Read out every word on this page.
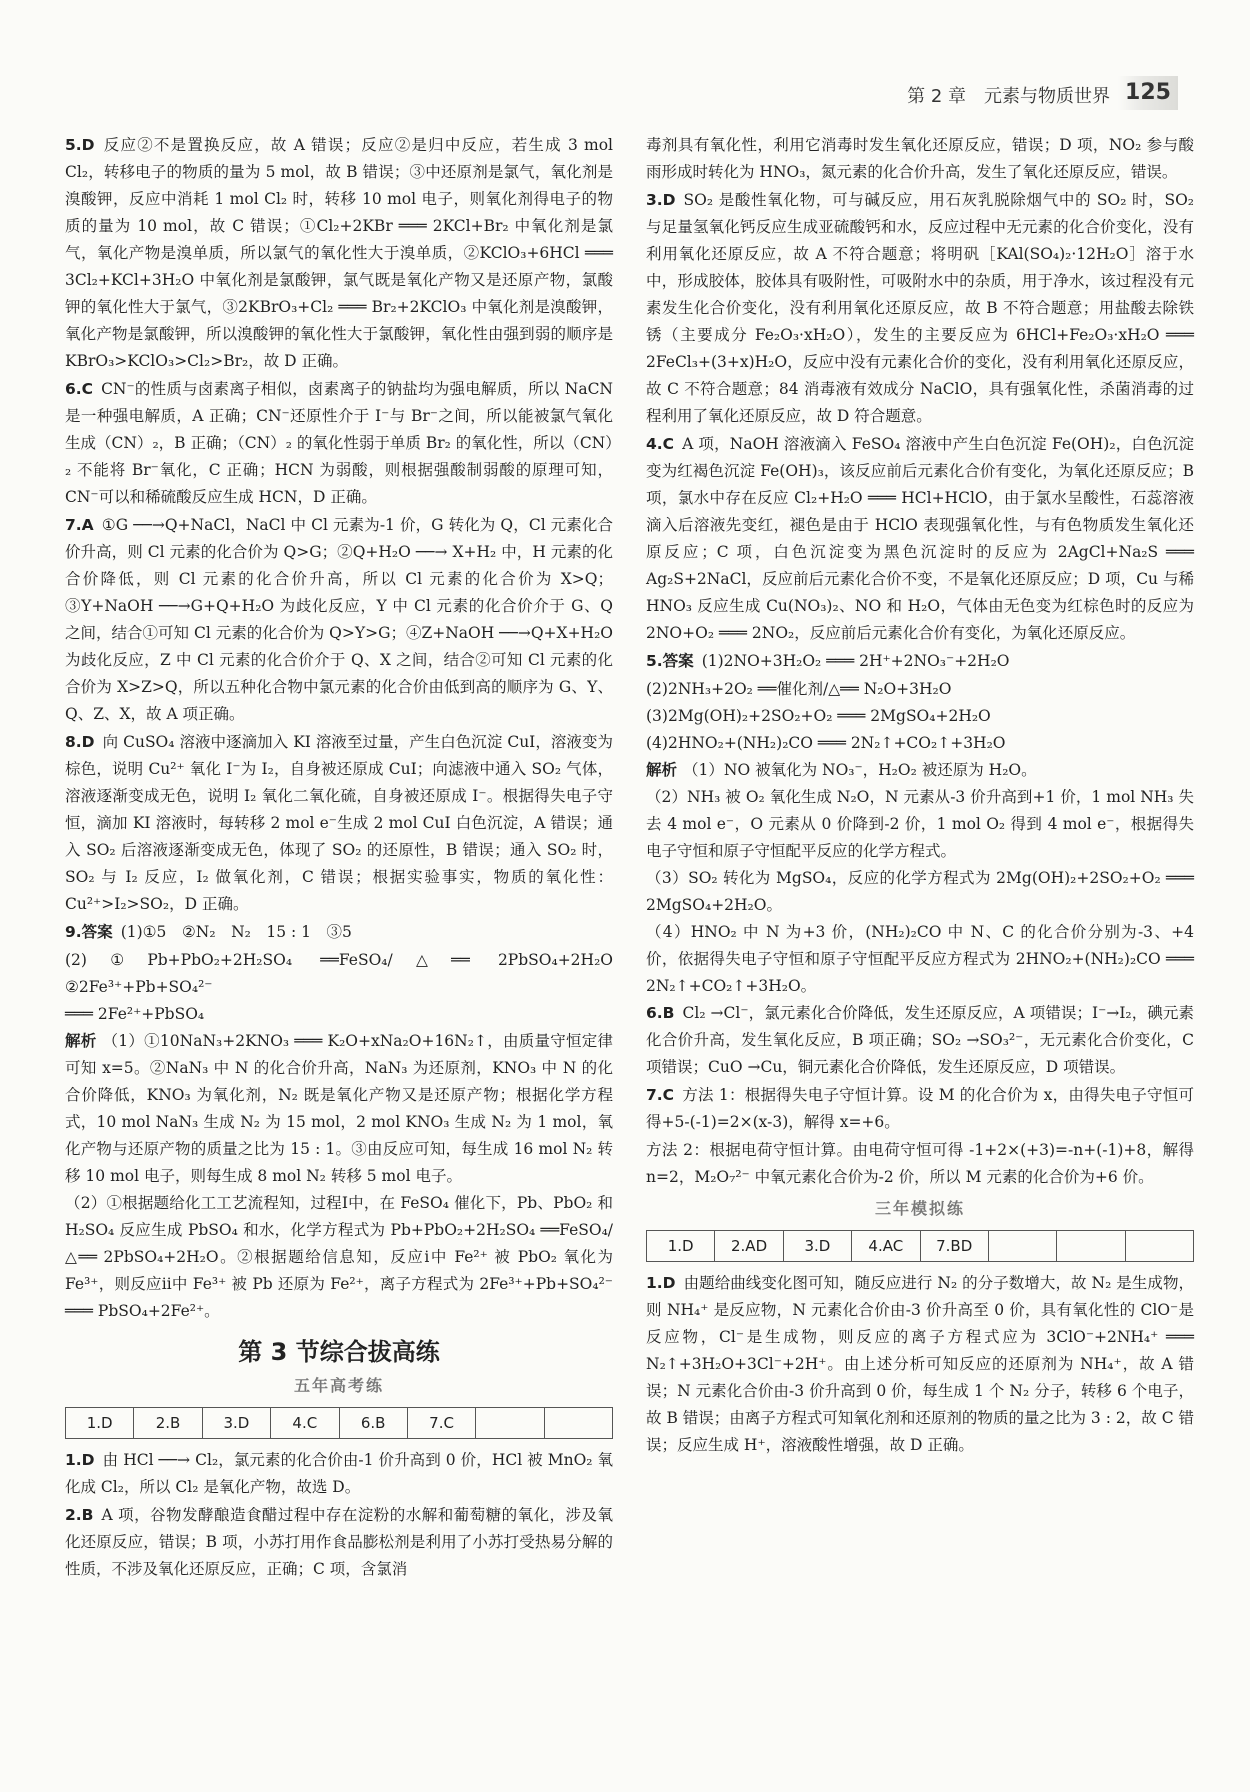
第 2 章　元素与物质世界 125

5.D 反应②不是置换反应，故 A 错误；反应②是归中反应，若生成 3 mol Cl₂，转移电子的物质的量为 5 mol，故 B 错误；③中还原剂是氯气，氧化剂是溴酸钾，反应中消耗 1 mol Cl₂ 时，转移 10 mol 电子，则氧化剂得电子的物质的量为 10 mol，故 C 错误；①Cl₂+2KBr ═══ 2KCl+Br₂ 中氧化剂是氯气，氧化产物是溴单质，所以氯气的氧化性大于溴单质，②KClO₃+6HCl ═══ 3Cl₂+KCl+3H₂O 中氧化剂是氯酸钾，氯气既是氧化产物又是还原产物，氯酸钾的氧化性大于氯气，③2KBrO₃+Cl₂ ═══ Br₂+2KClO₃ 中氧化剂是溴酸钾，氧化产物是氯酸钾，所以溴酸钾的氧化性大于氯酸钾，氧化性由强到弱的顺序是 KBrO₃>KClO₃>Cl₂>Br₂，故 D 正确。

6.C CN⁻的性质与卤素离子相似，卤素离子的钠盐均为强电解质，所以 NaCN 是一种强电解质，A 正确；CN⁻还原性介于 I⁻与 Br⁻之间，所以能被氯气氧化生成（CN）₂，B 正确；（CN）₂ 的氧化性弱于单质 Br₂ 的氧化性，所以（CN）₂ 不能将 Br⁻氧化，C 正确；HCN 为弱酸，则根据强酸制弱酸的原理可知，CN⁻可以和稀硫酸反应生成 HCN，D 正确。

7.A ①G ──→Q+NaCl，NaCl 中 Cl 元素为-1 价，G 转化为 Q，Cl 元素化合价升高，则 Cl 元素的化合价为 Q>G；②Q+H₂O ──→ X+H₂ 中，H 元素的化合价降低，则 Cl 元素的化合价升高，所以 Cl 元素的化合价为 X>Q；③Y+NaOH ──→G+Q+H₂O 为歧化反应，Y 中 Cl 元素的化合价介于 G、Q 之间，结合①可知 Cl 元素的化合价为 Q>Y>G；④Z+NaOH ──→Q+X+H₂O 为歧化反应，Z 中 Cl 元素的化合价介于 Q、X 之间，结合②可知 Cl 元素的化合价为 X>Z>Q，所以五种化合物中氯元素的化合价由低到高的顺序为 G、Y、Q、Z、X，故 A 项正确。

8.D 向 CuSO₄ 溶液中逐滴加入 KI 溶液至过量，产生白色沉淀 CuI，溶液变为棕色，说明 Cu²⁺ 氧化 I⁻为 I₂，自身被还原成 CuI；向滤液中通入 SO₂ 气体，溶液逐渐变成无色，说明 I₂ 氧化二氧化硫，自身被还原成 I⁻。根据得失电子守恒，滴加 KI 溶液时，每转移 2 mol e⁻生成 2 mol CuI 白色沉淀，A 错误；通入 SO₂ 后溶液逐渐变成无色，体现了 SO₂ 的还原性，B 错误；通入 SO₂ 时，SO₂ 与 I₂ 反应，I₂ 做氧化剂，C 错误；根据实验事实，物质的氧化性：Cu²⁺>I₂>SO₂，D 正确。

9.答案 (1)①5　②N₂　N₂　15 : 1　③5

(2)①Pb+PbO₂+2H₂SO₄ ══FeSO₄/△══ 2PbSO₄+2H₂O　②2Fe³⁺+Pb+SO₄²⁻

═══ 2Fe²⁺+PbSO₄

解析 （1）①10NaN₃+2KNO₃ ═══ K₂O+xNa₂O+16N₂↑，由质量守恒定律可知 x=5。②NaN₃ 中 N 的化合价升高，NaN₃ 为还原剂，KNO₃ 中 N 的化合价降低，KNO₃ 为氧化剂，N₂ 既是氧化产物又是还原产物；根据化学方程式，10 mol NaN₃ 生成 N₂ 为 15 mol，2 mol KNO₃ 生成 N₂ 为 1 mol，氧化产物与还原产物的质量之比为 15 : 1。③由反应可知，每生成 16 mol N₂ 转移 10 mol 电子，则每生成 8 mol N₂ 转移 5 mol 电子。

（2）①根据题给化工工艺流程知，过程Ⅰ中，在 FeSO₄ 催化下，Pb、PbO₂ 和 H₂SO₄ 反应生成 PbSO₄ 和水，化学方程式为 Pb+PbO₂+2H₂SO₄ ══FeSO₄/△══ 2PbSO₄+2H₂O。②根据题给信息知，反应ⅰ中 Fe²⁺ 被 PbO₂ 氧化为 Fe³⁺，则反应ⅱ中 Fe³⁺ 被 Pb 还原为 Fe²⁺，离子方程式为 2Fe³⁺+Pb+SO₄²⁻ ═══ PbSO₄+2Fe²⁺。

第 3 节综合拔高练
五年高考练
1.D	2.B	3.D	4.C	6.B	7.C		

1.D 由 HCl ──→ Cl₂，氯元素的化合价由-1 价升高到 0 价，HCl 被 MnO₂ 氧化成 Cl₂，所以 Cl₂ 是氧化产物，故选 D。

2.B A 项，谷物发酵酿造食醋过程中存在淀粉的水解和葡萄糖的氧化，涉及氧化还原反应，错误；B 项，小苏打用作食品膨松剂是利用了小苏打受热易分解的性质，不涉及氧化还原反应，正确；C 项，含氯消

毒剂具有氧化性，利用它消毒时发生氧化还原反应，错误；D 项，NO₂ 参与酸雨形成时转化为 HNO₃，氮元素的化合价升高，发生了氧化还原反应，错误。

3.D SO₂ 是酸性氧化物，可与碱反应，用石灰乳脱除烟气中的 SO₂ 时，SO₂ 与足量氢氧化钙反应生成亚硫酸钙和水，反应过程中无元素的化合价变化，没有利用氧化还原反应，故 A 不符合题意；将明矾［KAl(SO₄)₂·12H₂O］溶于水中，形成胶体，胶体具有吸附性，可吸附水中的杂质，用于净水，该过程没有元素发生化合价变化，没有利用氧化还原反应，故 B 不符合题意；用盐酸去除铁锈（主要成分 Fe₂O₃·xH₂O），发生的主要反应为 6HCl+Fe₂O₃·xH₂O ═══ 2FeCl₃+(3+x)H₂O，反应中没有元素化合价的变化，没有利用氧化还原反应，故 C 不符合题意；84 消毒液有效成分 NaClO，具有强氧化性，杀菌消毒的过程利用了氧化还原反应，故 D 符合题意。

4.C A 项，NaOH 溶液滴入 FeSO₄ 溶液中产生白色沉淀 Fe(OH)₂，白色沉淀变为红褐色沉淀 Fe(OH)₃，该反应前后元素化合价有变化，为氧化还原反应；B 项，氯水中存在反应 Cl₂+H₂O ═══ HCl+HClO，由于氯水呈酸性，石蕊溶液滴入后溶液先变红，褪色是由于 HClO 表现强氧化性，与有色物质发生氧化还原反应；C 项，白色沉淀变为黑色沉淀时的反应为 2AgCl+Na₂S ═══ Ag₂S+2NaCl，反应前后元素化合价不变，不是氧化还原反应；D 项，Cu 与稀 HNO₃ 反应生成 Cu(NO₃)₂、NO 和 H₂O，气体由无色变为红棕色时的反应为 2NO+O₂ ═══ 2NO₂，反应前后元素化合价有变化，为氧化还原反应。

5.答案 (1)2NO+3H₂O₂ ═══ 2H⁺+2NO₃⁻+2H₂O

(2)2NH₃+2O₂ ══催化剂/△══ N₂O+3H₂O

(3)2Mg(OH)₂+2SO₂+O₂ ═══ 2MgSO₄+2H₂O

(4)2HNO₂+(NH₂)₂CO ═══ 2N₂↑+CO₂↑+3H₂O

解析 （1）NO 被氧化为 NO₃⁻，H₂O₂ 被还原为 H₂O。

（2）NH₃ 被 O₂ 氧化生成 N₂O，N 元素从-3 价升高到+1 价，1 mol NH₃ 失去 4 mol e⁻，O 元素从 0 价降到-2 价，1 mol O₂ 得到 4 mol e⁻，根据得失电子守恒和原子守恒配平反应的化学方程式。

（3）SO₂ 转化为 MgSO₄，反应的化学方程式为 2Mg(OH)₂+2SO₂+O₂ ═══ 2MgSO₄+2H₂O。

（4）HNO₂ 中 N 为+3 价，(NH₂)₂CO 中 N、C 的化合价分别为-3、+4 价，依据得失电子守恒和原子守恒配平反应方程式为 2HNO₂+(NH₂)₂CO ═══ 2N₂↑+CO₂↑+3H₂O。

6.B Cl₂ →Cl⁻，氯元素化合价降低，发生还原反应，A 项错误；I⁻→I₂，碘元素化合价升高，发生氧化反应，B 项正确；SO₂ →SO₃²⁻，无元素化合价变化，C 项错误；CuO →Cu，铜元素化合价降低，发生还原反应，D 项错误。

7.C 方法 1：根据得失电子守恒计算。设 M 的化合价为 x，由得失电子守恒可得+5-(-1)=2×(x-3)，解得 x=+6。

方法 2：根据电荷守恒计算。由电荷守恒可得 -1+2×(+3)=-n+(-1)+8，解得 n=2，M₂O₇²⁻ 中氧元素化合价为-2 价，所以 M 元素的化合价为+6 价。

三年模拟练
1.D	2.AD	3.D	4.AC	7.BD			

1.D 由题给曲线变化图可知，随反应进行 N₂ 的分子数增大，故 N₂ 是生成物，则 NH₄⁺ 是反应物，N 元素化合价由-3 价升高至 0 价，具有氧化性的 ClO⁻是反应物，Cl⁻是生成物，则反应的离子方程式应为 3ClO⁻+2NH₄⁺ ═══ N₂↑+3H₂O+3Cl⁻+2H⁺。由上述分析可知反应的还原剂为 NH₄⁺，故 A 错误；N 元素化合价由-3 价升高到 0 价，每生成 1 个 N₂ 分子，转移 6 个电子，故 B 错误；由离子方程式可知氧化剂和还原剂的物质的量之比为 3 : 2，故 C 错误；反应生成 H⁺，溶液酸性增强，故 D 正确。
